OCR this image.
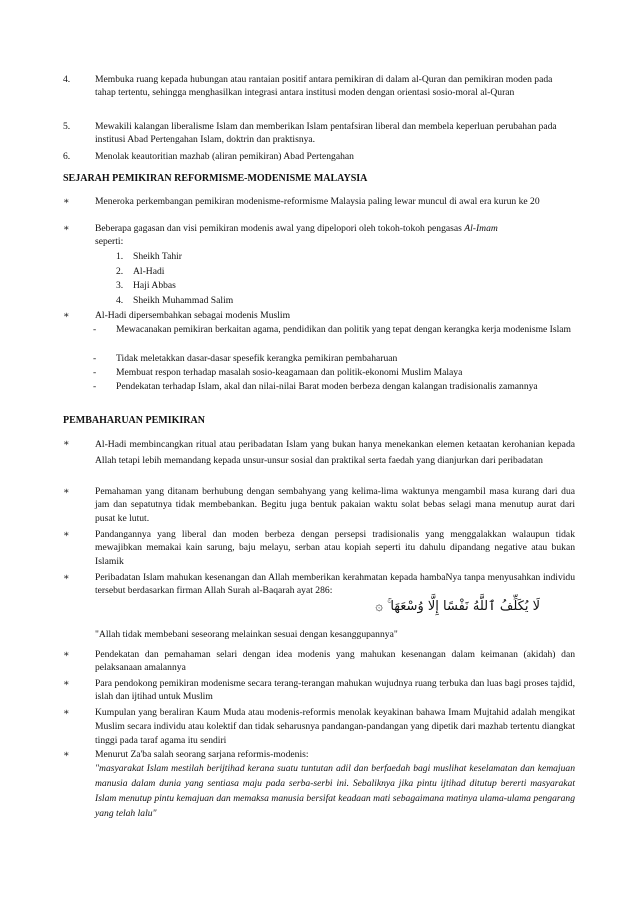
4.	Membuka ruang kepada hubungan atau rantaian positif antara pemikiran di dalam al-Quran dan pemikiran moden pada tahap tertentu, sehingga menghasilkan integrasi antara institusi moden dengan orientasi sosio-moral al-Quran
5.	Mewakili kalangan liberalisme Islam dan memberikan Islam pentafsiran liberal dan membela keperluan perubahan pada institusi Abad Pertengahan Islam, doktrin dan praktisnya.
6.	Menolak keautoritian mazhab (aliran pemikiran) Abad Pertengahan
SEJARAH PEMIKIRAN REFORMISME-MODENISME MALAYSIA
∗	Meneroka perkembangan pemikiran modenisme-reformisme Malaysia paling lewar muncul di awal era kurun ke 20
∗	Beberapa gagasan dan visi pemikiran modenis awal yang dipelopori oleh tokoh-tokoh pengasas Al-Imam
seperti:
1.	Sheikh Tahir
2.	Al-Hadi
3.	Haji Abbas
4.	Sheikh Muhammad Salim
∗	Al-Hadi dipersembahkan sebagai modenis Muslim
- Mewacanakan pemikiran berkaitan agama, pendidikan dan politik yang tepat dengan kerangka kerja modenisme Islam
- Tidak meletakkan dasar-dasar spesefik kerangka pemikiran pembaharuan
- Membuat respon terhadap masalah sosio-keagamaan dan politik-ekonomi Muslim Malaya
- Pendekatan terhadap Islam, akal dan nilai-nilai Barat moden berbeza dengan kalangan tradisionalis zamannya
PEMBAHARUAN PEMIKIRAN
∗	Al-Hadi membincangkan ritual atau peribadatan Islam yang bukan hanya menekankan elemen ketaatan kerohanian kepada Allah tetapi lebih memandang kepada unsur-unsur sosial dan praktikal serta faedah yang dianjurkan dari peribadatan
∗	Pemahaman yang ditanam berhubung dengan sembahyang yang kelima-lima waktunya mengambil masa kurang dari dua jam dan sepatutnya tidak membebankan. Begitu juga bentuk pakaian waktu solat bebas selagi mana menutup aurat dari pusat ke lutut.
∗	Pandangannya yang liberal dan moden berbeza dengan persepsi tradisionalis yang menggalakkan walaupun tidak mewajibkan memakai kain sarung, baju melayu, serban atau kopiah seperti itu dahulu dipandang negative atau bukan Islamik
∗	Peribadatan Islam mahukan kesenangan dan Allah memberikan kerahmatan kepada hambaNya tanpa menyusahkan individu tersebut berdasarkan firman Allah Surah al-Baqarah ayat 286:
لَا يُكَلِّفُ ٱللَّهُ نَفْسًا إِلَّا وُسْعَهَا ۚ ۞
"Allah tidak membebani seseorang melainkan sesuai dengan kesanggupannya"
∗	Pendekatan dan pemahaman selari dengan idea modenis yang mahukan kesenangan dalam keimanan (akidah) dan pelaksanaan amalannya
∗	Para pendokong pemikiran modenisme secara terang-terangan mahukan wujudnya ruang terbuka dan luas bagi proses tajdid, islah dan ijtihad untuk Muslim
∗	Kumpulan yang beraliran Kaum Muda atau modenis-reformis menolak keyakinan bahawa Imam Mujtahid adalah mengikat Muslim secara individu atau kolektif dan tidak seharusnya pandangan-pandangan yang dipetik dari mazhab tertentu diangkat tinggi pada taraf agama itu sendiri
∗	Menurut Za'ba salah seorang sarjana reformis-modenis:
"masyarakat Islam mestilah berijtihad kerana suatu tuntutan adil dan berfaedah bagi muslihat keselamatan dan kemajuan manusia dalam dunia yang sentiasa maju pada serba-serbi ini. Sebaliknya jika pintu ijtihad ditutup bererti masyarakat Islam menutup pintu kemajuan dan memaksa manusia bersifat keadaan mati sebagaimana matinya ulama-ulama pengarang yang telah lalu"
